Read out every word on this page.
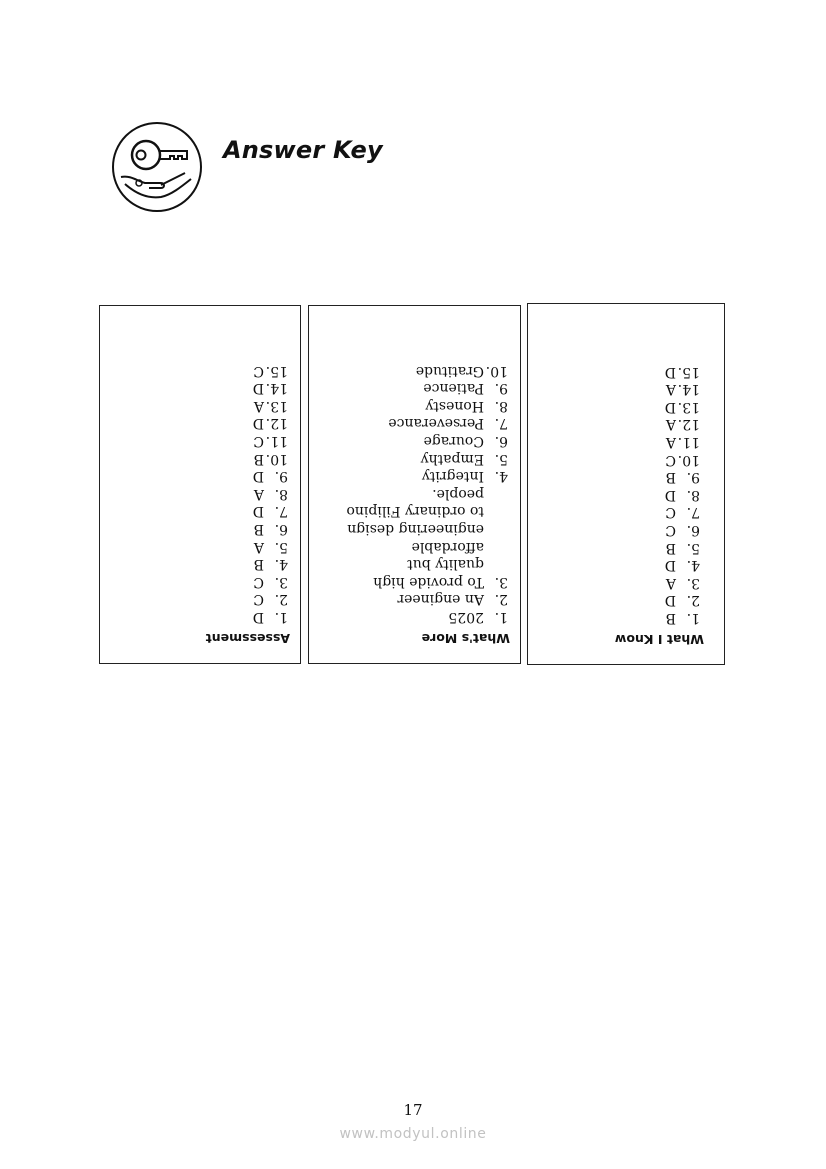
Answer Key
What I Know
1.
B
2.
D
3.
A
4.
D
5.
B
6.
C
7.
C
8.
D
9.
B
10.
C
11.
A
12.
A
13.
D
14.
A
15.
D
What's More
1.
2025
2.
An engineer
3.
To provide high
quality but
affordable
engineering design
to ordinary Filipino
people.
4.
Integrity
5.
Empathy
6.
Courage
7.
Perseverance
8.
Honesty
9.
Patience
10.
Gratitude
Assessment
1.
D
2.
C
3.
C
4.
B
5.
A
6.
B
7.
D
8.
A
9.
D
10.
B
11.
C
12.
D
13.
A
14.
D
15.
C
17
www.modyul.online
